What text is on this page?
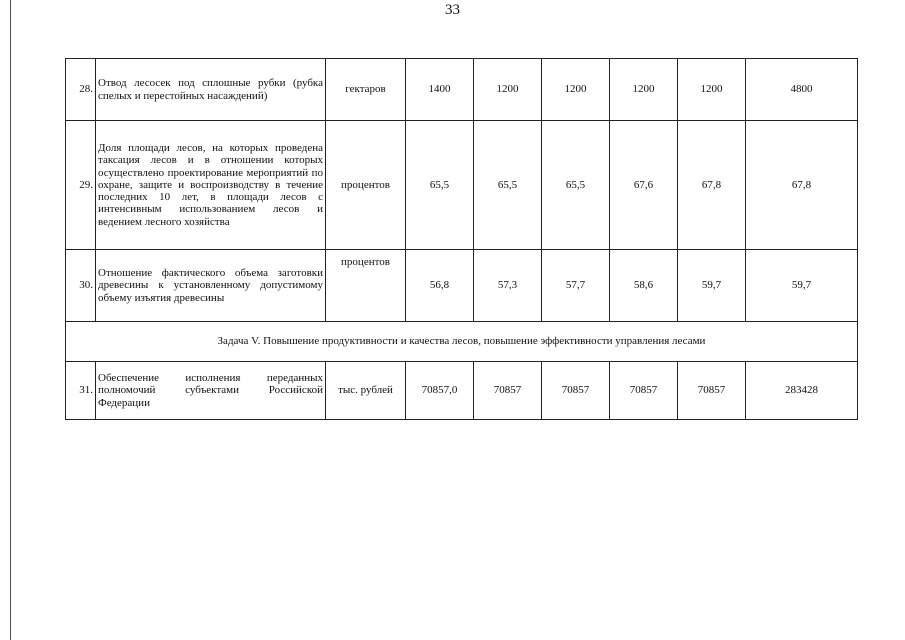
33
28.	Отвод лесосек под сплошные рубки (рубка спелых и перестойных насаждений)	гектаров	1400	1200	1200	1200	1200	4800
29.	Доля площади лесов, на которых проведена таксация лесов и в отношении которых осуществлено проектирование мероприятий по охране, защите и воспроизводству в течение последних 10 лет, в площади лесов с интенсивным использованием лесов и ведением лесного хозяйства	процентов	65,5	65,5	65,5	67,6	67,8	67,8
30.	Отношение фактического объема заготовки древесины к установленному допустимому объему изъятия древесины	процентов	56,8	57,3	57,7	58,6	59,7	59,7
Задача V. Повышение продуктивности и качества лесов, повышение эффективности управления лесами								
31.	Обеспечение исполнения переданных полномочий субъектами Российской Федерации	тыс. рублей	70857,0	70857	70857	70857	70857	283428
